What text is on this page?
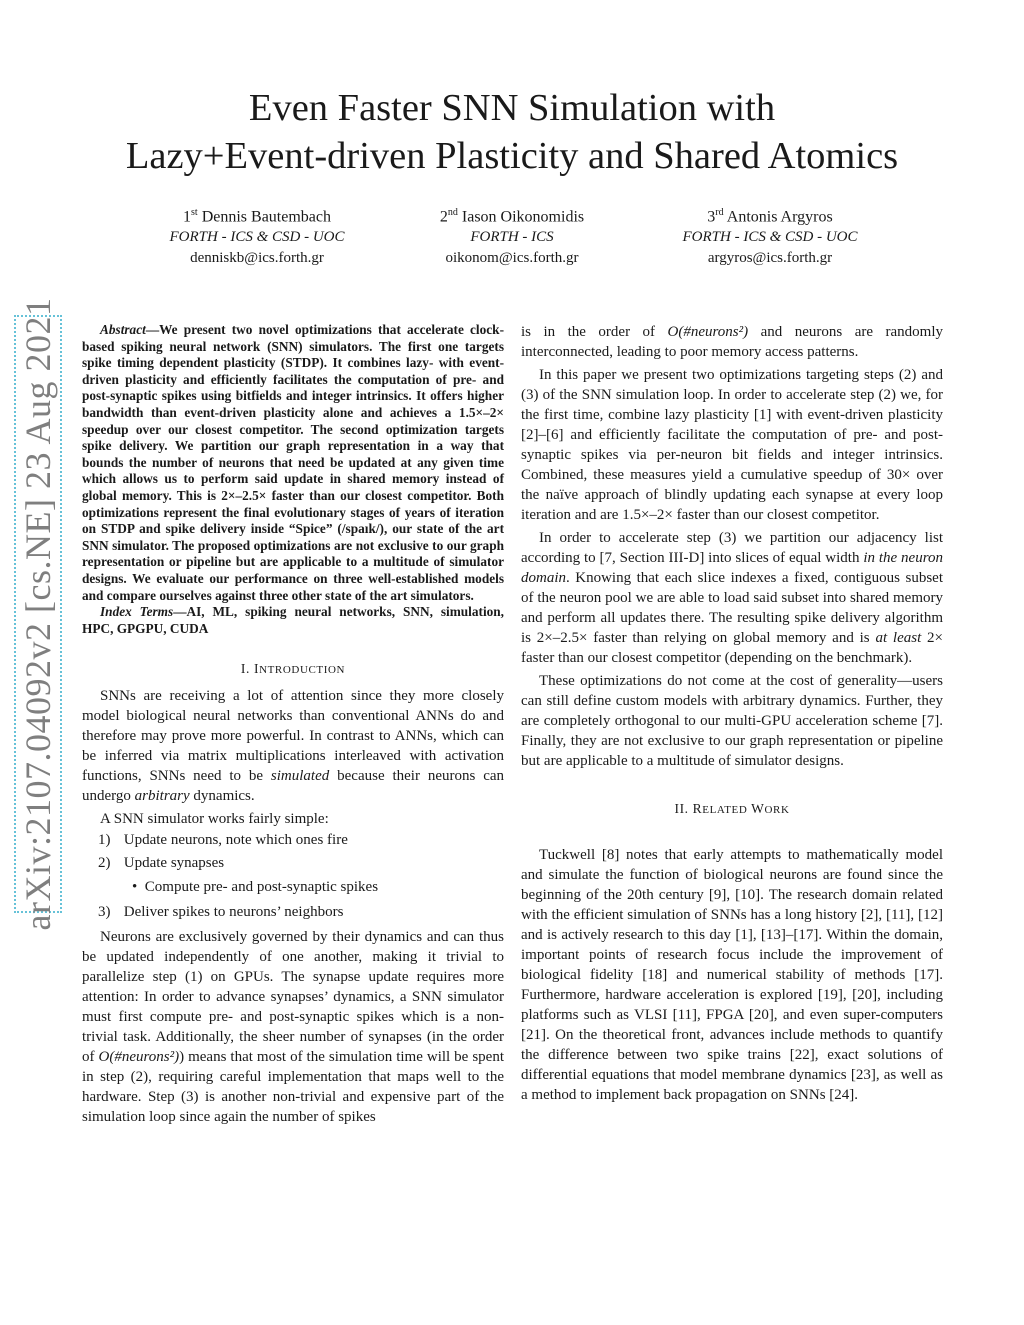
Even Faster SNN Simulation with
Lazy+Event-driven Plasticity and Shared Atomics
1st Dennis Bautembach
FORTH - ICS & CSD - UOC
denniskb@ics.forth.gr
2nd Iason Oikonomidis
FORTH - ICS
oikonom@ics.forth.gr
3rd Antonis Argyros
FORTH - ICS & CSD - UOC
argyros@ics.forth.gr
arXiv:2107.04092v2 [cs.NE] 23 Aug 2021	Abstract—We present two novel optimizations that accelerate clock-based spiking neural network (SNN) simulators. The first one targets spike timing dependent plasticity (STDP). It combines lazy- with event-driven plasticity and efficiently facilitates the computation of pre- and post-synaptic spikes using bitfields and integer intrinsics. It offers higher bandwidth than event-driven plasticity alone and achieves a 1.5×–2× speedup over our closest competitor. The second optimization targets spike delivery. We partition our graph representation in a way that bounds the number of neurons that need be updated at any given time which allows us to perform said update in shared memory instead of global memory. This is 2×–2.5× faster than our closest competitor. Both optimizations represent the final evolutionary stages of years of iteration on STDP and spike delivery inside “Spice” (/spaık/), our state of the art SNN simulator. The proposed optimizations are not exclusive to our graph representation or pipeline but are applicable to a multitude of simulator designs. We evaluate our performance on three well-established models and compare ourselves against three other state of the art simulators.

Index Terms—AI, ML, spiking neural networks, SNN, simulation, HPC, GPGPU, CUDA

I. INTRODUCTION

SNNs are receiving a lot of attention since they more closely model biological neural networks than conventional ANNs do and therefore may prove more powerful. In contrast to ANNs, which can be inferred via matrix multiplications interleaved with activation functions, SNNs need to be simulated because their neurons can undergo arbitrary dynamics.

A SNN simulator works fairly simple:

1) Update neurons, note which ones fire
2) Update synapses
• Compute pre- and post-synaptic spikes
3) Deliver spikes to neurons’ neighbors

Neurons are exclusively governed by their dynamics and can thus be updated independently of one another, making it trivial to parallelize step (1) on GPUs. The synapse update requires more attention: In order to advance synapses’ dynamics, a SNN simulator must first compute pre- and post-synaptic spikes which is a non-trivial task. Additionally, the sheer number of synapses (in the order of O(#neurons²)) means that most of the simulation time will be spent in step (2), requiring careful implementation that maps well to the hardware. Step (3) is another non-trivial and expensive part of the simulation loop since again the number of spikes

is in the order of O(#neurons²) and neurons are randomly interconnected, leading to poor memory access patterns.

In this paper we present two optimizations targeting steps (2) and (3) of the SNN simulation loop. In order to accelerate step (2) we, for the first time, combine lazy plasticity [1] with event-driven plasticity [2]–[6] and efficiently facilitate the computation of pre- and post-synaptic spikes via per-neuron bit fields and integer intrinsics. Combined, these measures yield a cumulative speedup of 30× over the naïve approach of blindly updating each synapse at every loop iteration and are 1.5×–2× faster than our closest competitor.

In order to accelerate step (3) we partition our adjacency list according to [7, Section III-D] into slices of equal width in the neuron domain. Knowing that each slice indexes a fixed, contiguous subset of the neuron pool we are able to load said subset into shared memory and perform all updates there. The resulting spike delivery algorithm is 2×–2.5× faster than relying on global memory and is at least 2× faster than our closest competitor (depending on the benchmark).

These optimizations do not come at the cost of generality—users can still define custom models with arbitrary dynamics. Further, they are completely orthogonal to our multi-GPU acceleration scheme [7]. Finally, they are not exclusive to our graph representation or pipeline but are applicable to a multitude of simulator designs.

II. RELATED WORK

Tuckwell [8] notes that early attempts to mathematically model and simulate the function of biological neurons are found since the beginning of the 20th century [9], [10]. The research domain related with the efficient simulation of SNNs has a long history [2], [11], [12] and is actively research to this day [1], [13]–[17]. Within the domain, important points of research focus include the improvement of biological fidelity [18] and numerical stability of methods [17]. Furthermore, hardware acceleration is explored [19], [20], including platforms such as VLSI [11], FPGA [20], and even super-computers [21]. On the theoretical front, advances include methods to quantify the difference between two spike trains [22], exact solutions of differential equations that model membrane dynamics [23], as well as a method to implement back propagation on SNNs [24].
